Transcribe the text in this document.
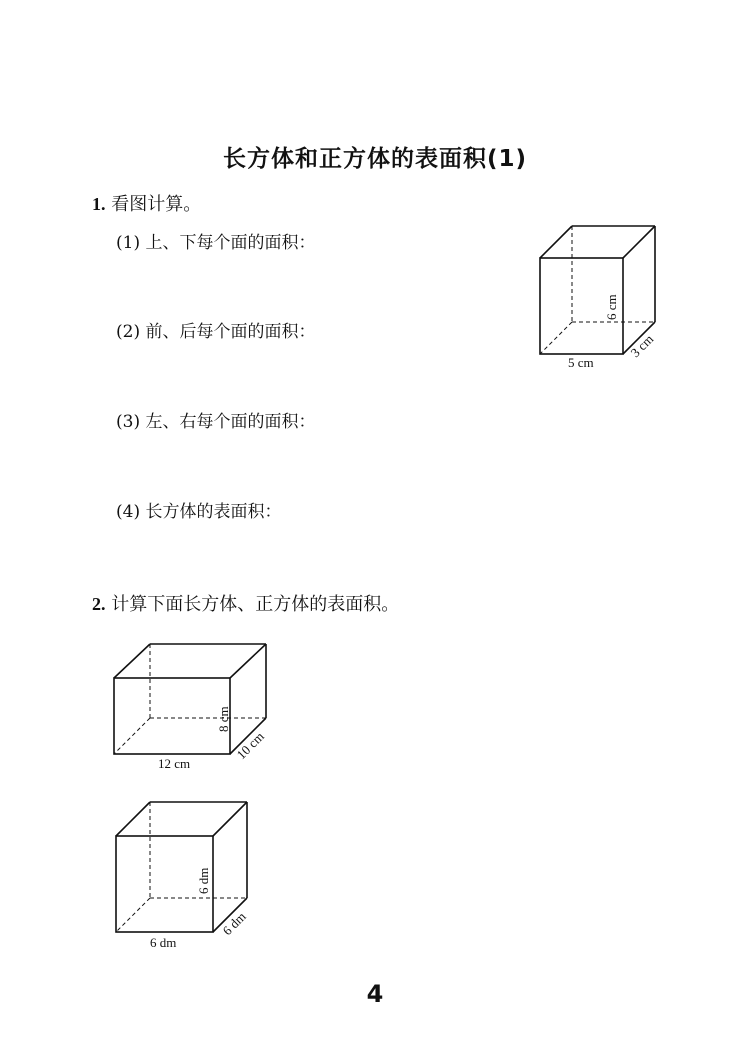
长方体和正方体的表面积(1)
1. 看图计算。
(1) 上、下每个面的面积：
(2) 前、后每个面的面积：
(3) 左、右每个面的面积：
(4) 长方体的表面积：
5 cm
6 cm
3 cm
2. 计算下面长方体、正方体的表面积。
12 cm
8 cm
10 cm
6 dm
6 dm
6 dm
4
